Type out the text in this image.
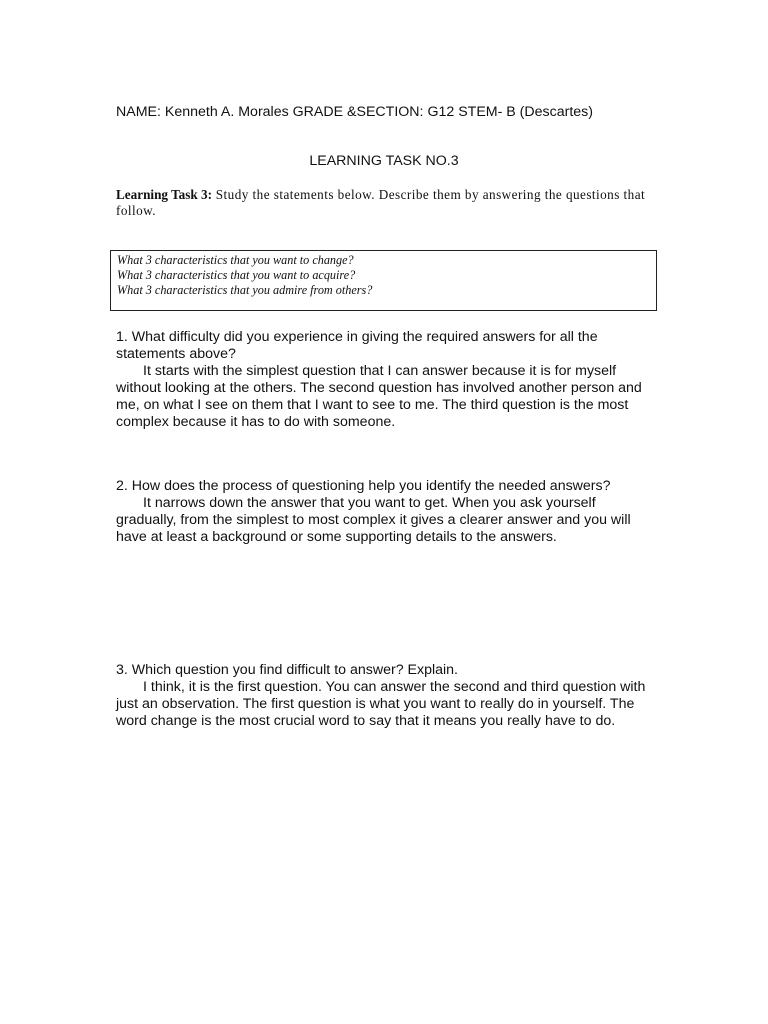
NAME: Kenneth A. Morales GRADE &SECTION: G12 STEM- B (Descartes)
LEARNING TASK NO.3
Learning Task 3: Study the statements below. Describe them by answering the questions that follow.
What 3 characteristics that you want to change?
What 3 characteristics that you want to acquire?
What 3 characteristics that you admire from others?

1. What difficulty did you experience in giving the required answers for all the statements above?

It starts with the simplest question that I can answer because it is for myself without looking at the others. The second question has involved another person and me, on what I see on them that I want to see to me. The third question is the most complex because it has to do with someone.

2. How does the process of questioning help you identify the needed answers?

It narrows down the answer that you want to get. When you ask yourself gradually, from the simplest to most complex it gives a clearer answer and you will have at least a background or some supporting details to the answers.

3. Which question you find difficult to answer? Explain.

I think, it is the first question. You can answer the second and third question with just an observation. The first question is what you want to really do in yourself. The word change is the most crucial word to say that it means you really have to do.
